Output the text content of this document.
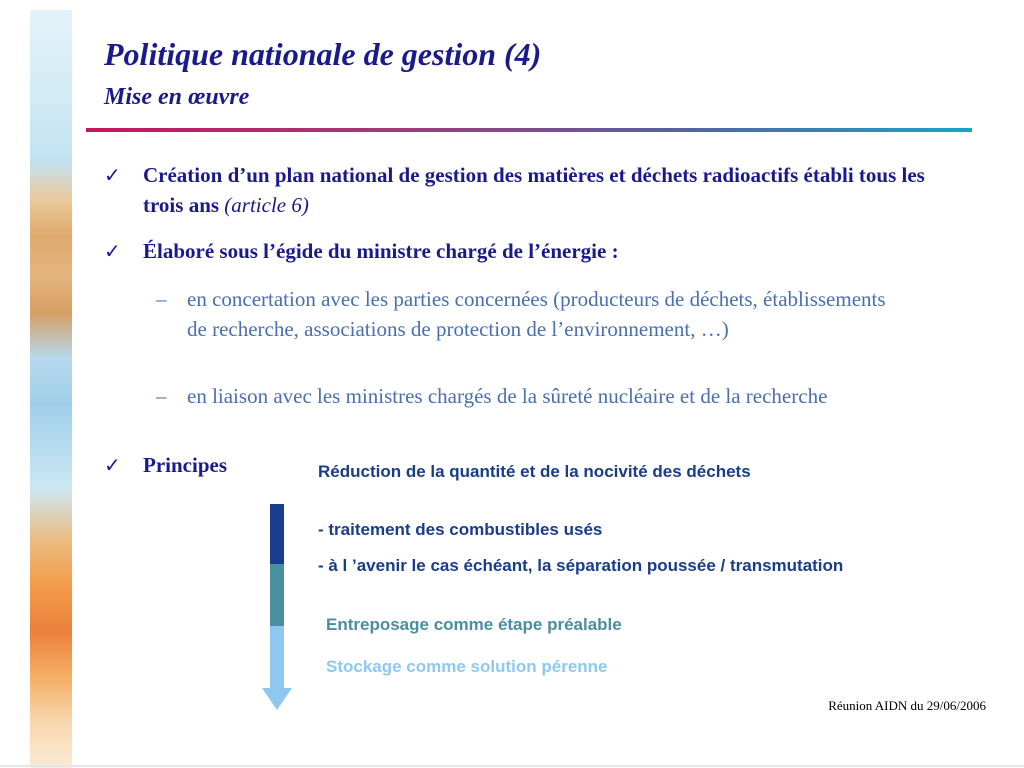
Politique nationale de gestion (4)
Mise en œuvre
✓ Création d’un plan national de gestion des matières et déchets radioactifs établi tous les trois ans (article 6)
✓ Élaboré sous l’égide du ministre chargé de l’énergie :
– en concertation avec les parties concernées (producteurs de déchets, établissements de recherche, associations de protection de l’environnement, …)
– en liaison avec les ministres chargés de la sûreté nucléaire et de la recherche
✓ Principes	Réduction de la quantité et de la nocivité des déchets
- traitement des combustibles usés
- à l ’avenir le cas échéant, la séparation poussée / transmutation
Entreposage comme étape préalable
Stockage comme solution pérenne
Réunion AIDN du 29/06/2006
